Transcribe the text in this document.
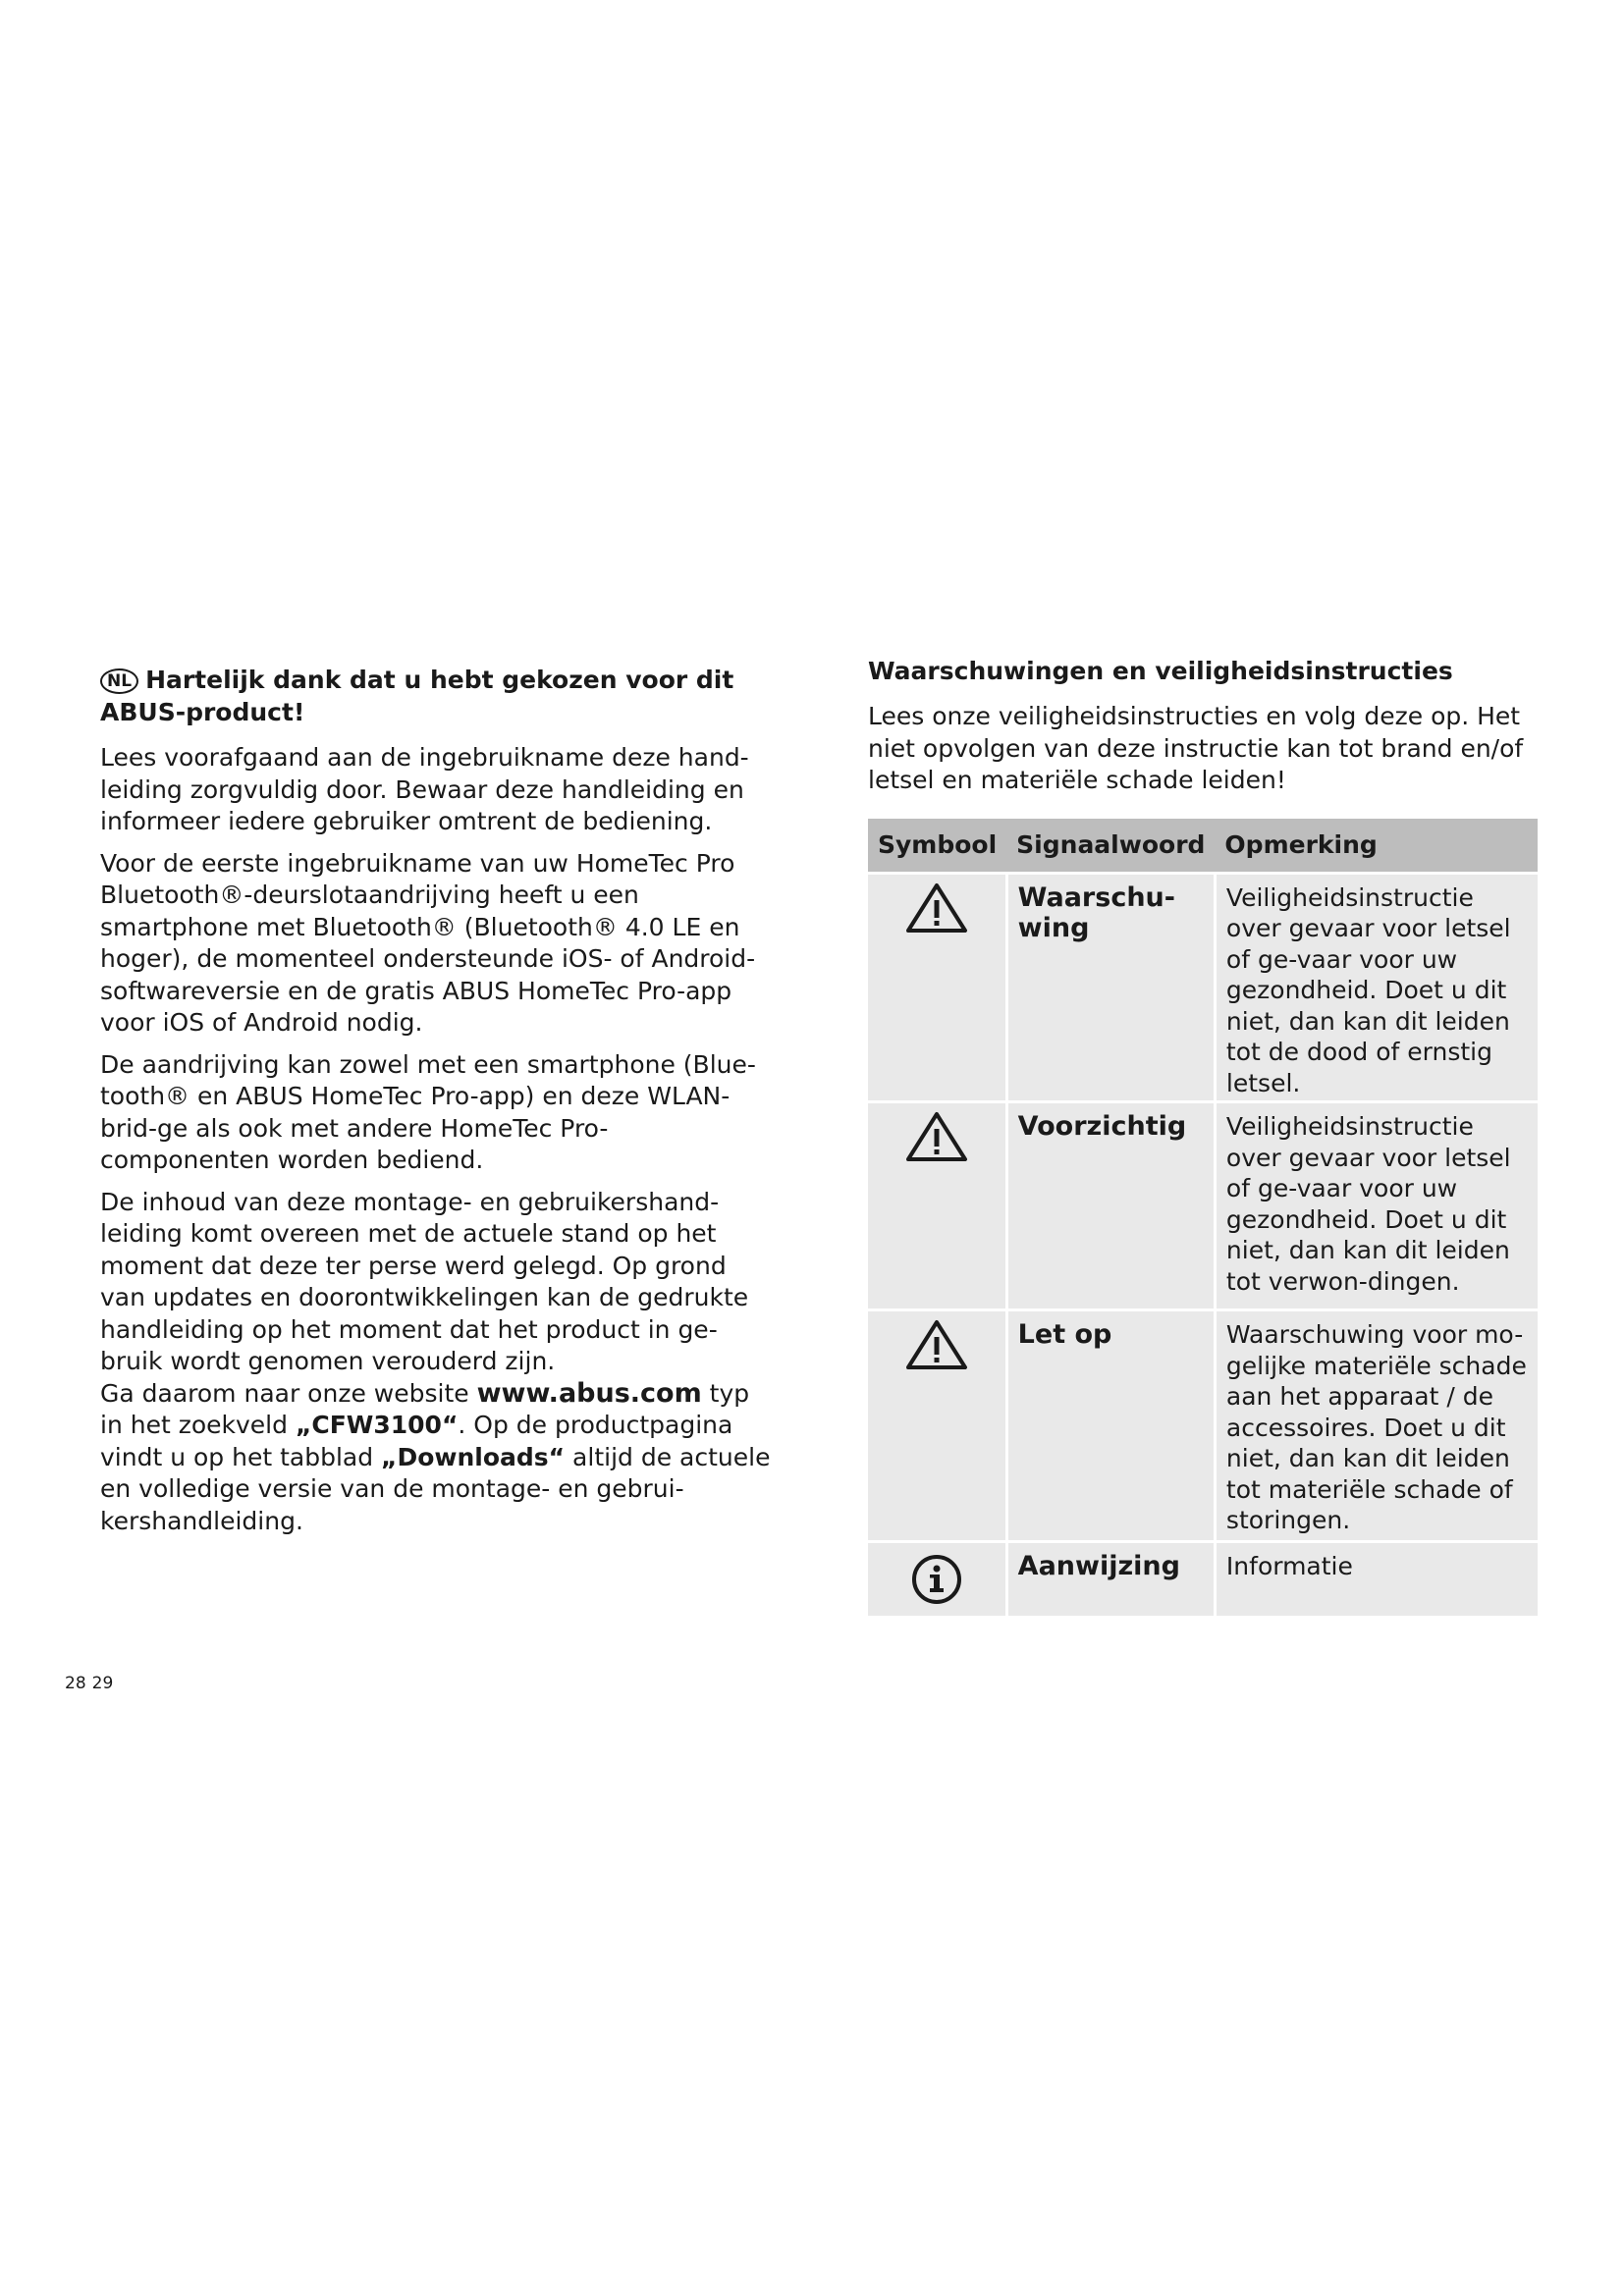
NL Hartelijk dank dat u hebt gekozen voor dit ABUS-product!

Lees voorafgaand aan de ingebruikname deze hand-leiding zorgvuldig door. Bewaar deze handleiding en informeer iedere gebruiker omtrent de bediening.

Voor de eerste ingebruikname van uw HomeTec Pro Bluetooth®-deurslotaandrijving heeft u een smartphone met Bluetooth® (Bluetooth® 4.0 LE en hoger), de momenteel ondersteunde iOS- of Android-softwareversie en de gratis ABUS HomeTec Pro-app voor iOS of Android nodig.

De aandrijving kan zowel met een smartphone (Blue-tooth® en ABUS HomeTec Pro-app) en deze WLAN-brid-ge als ook met andere HomeTec Pro-componenten worden bediend.

De inhoud van deze montage- en gebruikershand-leiding komt overeen met de actuele stand op het moment dat deze ter perse werd gelegd. Op grond van updates en doorontwikkelingen kan de gedrukte handleiding op het moment dat het product in ge-bruik wordt genomen verouderd zijn.

Ga daarom naar onze website www.abus.com typ in het zoekveld „CFW3100“. Op de productpagina vindt u op het tabblad „Downloads“ altijd de actuele en volledige versie van de montage- en gebrui-kershandleiding.

Waarschuwingen en veiligheidsinstructies

Lees onze veiligheidsinstructies en volg deze op. Het niet opvolgen van deze instructie kan tot brand en/of letsel en materiële schade leiden!

Symbool	Signaalwoord	Opmerking
	Waarschu-wing	Veiligheidsinstructie over gevaar voor letsel of ge-vaar voor uw gezondheid. Doet u dit niet, dan kan dit leiden tot de dood of ernstig letsel.
	Voorzichtig	Veiligheidsinstructie over gevaar voor letsel of ge-vaar voor uw gezondheid. Doet u dit niet, dan kan dit leiden tot verwon-dingen.
	Let op	Waarschuwing voor mo-gelijke materiële schade aan het apparaat / de accessoires. Doet u dit niet, dan kan dit leiden tot materiële schade of storingen.
	Aanwijzing	Informatie
28 29
